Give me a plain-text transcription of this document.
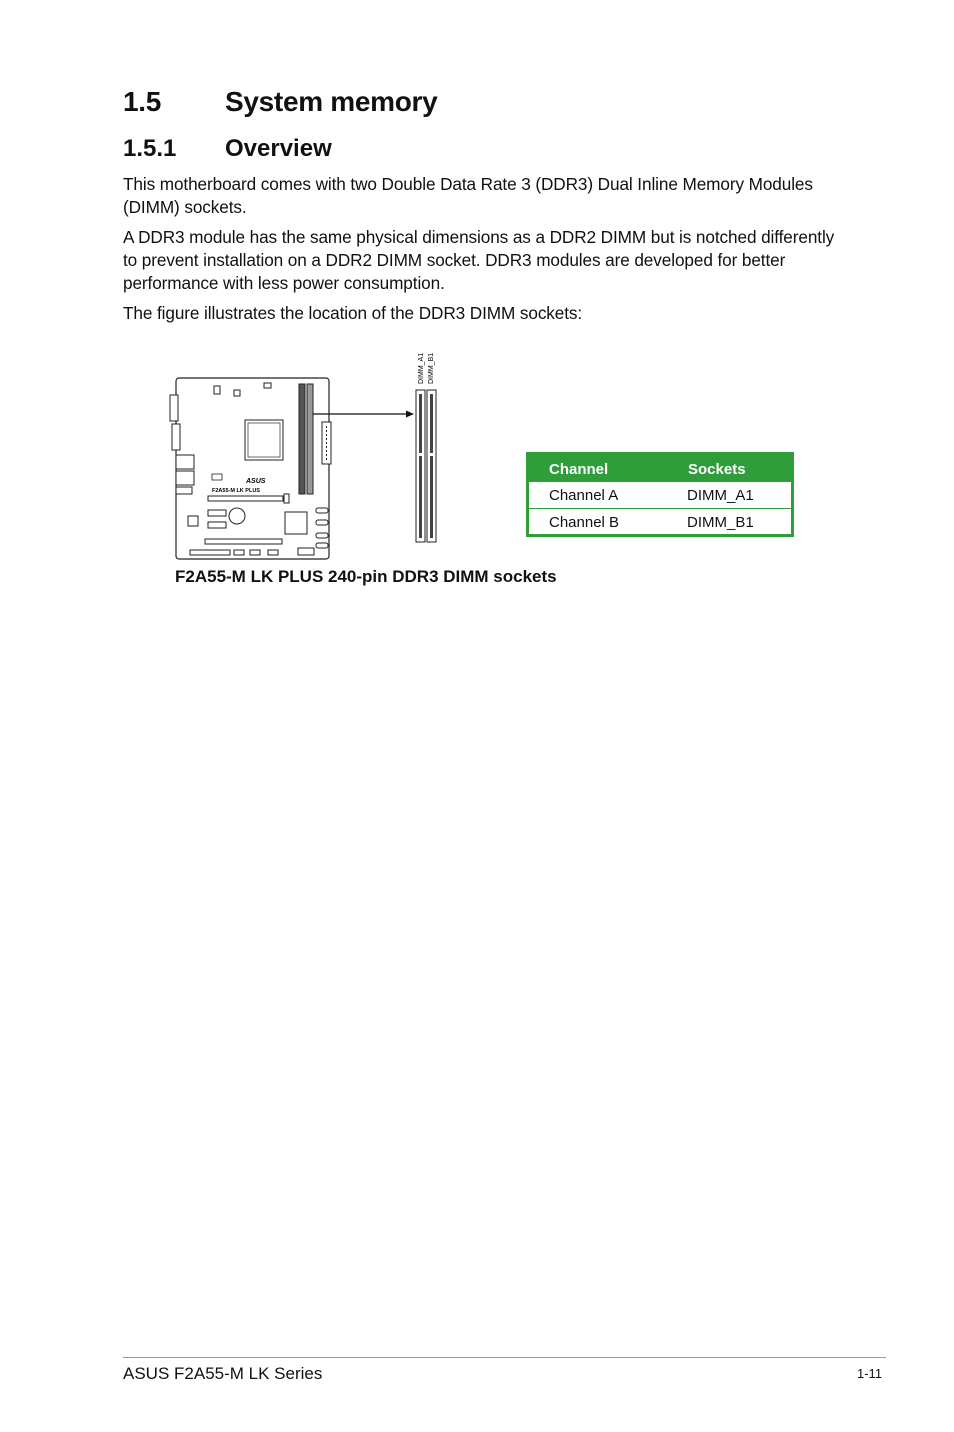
1.5 System memory
1.5.1 Overview

This motherboard comes with two Double Data Rate 3 (DDR3) Dual Inline Memory Modules (DIMM) sockets.

A DDR3 module has the same physical dimensions as a DDR2 DIMM but is notched differently to prevent installation on a DDR2 DIMM socket. DDR3 modules are developed for better performance with less power consumption.

The figure illustrates the location of the DDR3 DIMM sockets:

ASUS
F2A55-M LK PLUS
DIMM_A1 DIMM_B1
Channel	Sockets
Channel A	DIMM_A1
Channel B	DIMM_B1

F2A55-M LK PLUS 240-pin DDR3 DIMM sockets

ASUS F2A55-M LK Series	1-11
